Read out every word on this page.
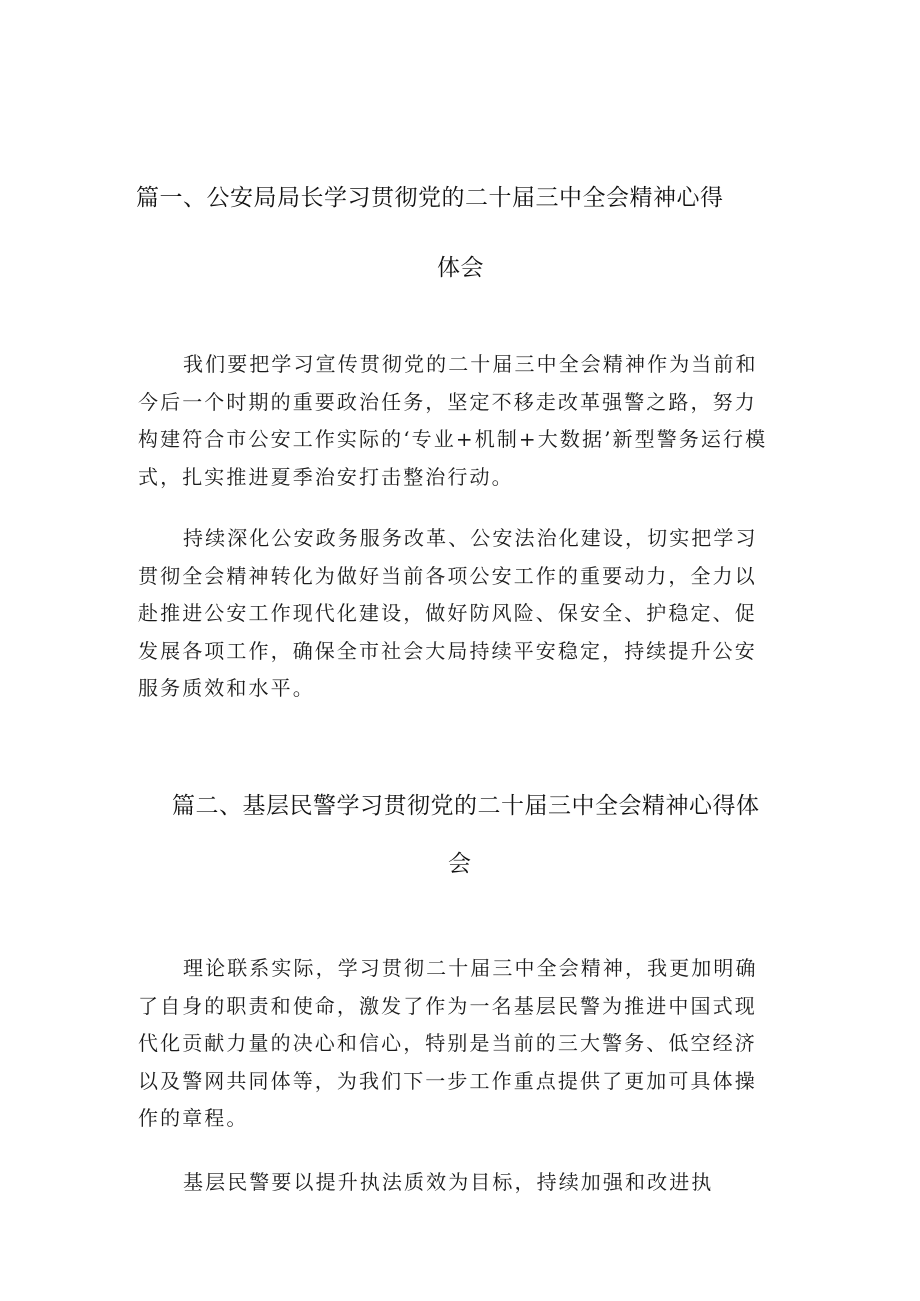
篇一、公安局局长学习贯彻党的二十届三中全会精神心得
体会
我们要把学习宣传贯彻党的二十届三中全会精神作为当前和
今后一个时期的重要政治任务，坚定不移走改革强警之路，努力
构建符合市公安工作实际的‘专业+机制+大数据’新型警务运行模
式，扎实推进夏季治安打击整治行动。
持续深化公安政务服务改革、公安法治化建设，切实把学习
贯彻全会精神转化为做好当前各项公安工作的重要动力，全力以
赴推进公安工作现代化建设，做好防风险、保安全、护稳定、促
发展各项工作，确保全市社会大局持续平安稳定，持续提升公安
服务质效和水平。
篇二、基层民警学习贯彻党的二十届三中全会精神心得体
会
理论联系实际，学习贯彻二十届三中全会精神，我更加明确
了自身的职责和使命，激发了作为一名基层民警为推进中国式现
代化贡献力量的决心和信心，特别是当前的三大警务、低空经济
以及警网共同体等，为我们下一步工作重点提供了更加可具体操
作的章程。
基层民警要以提升执法质效为目标，持续加强和改进执
